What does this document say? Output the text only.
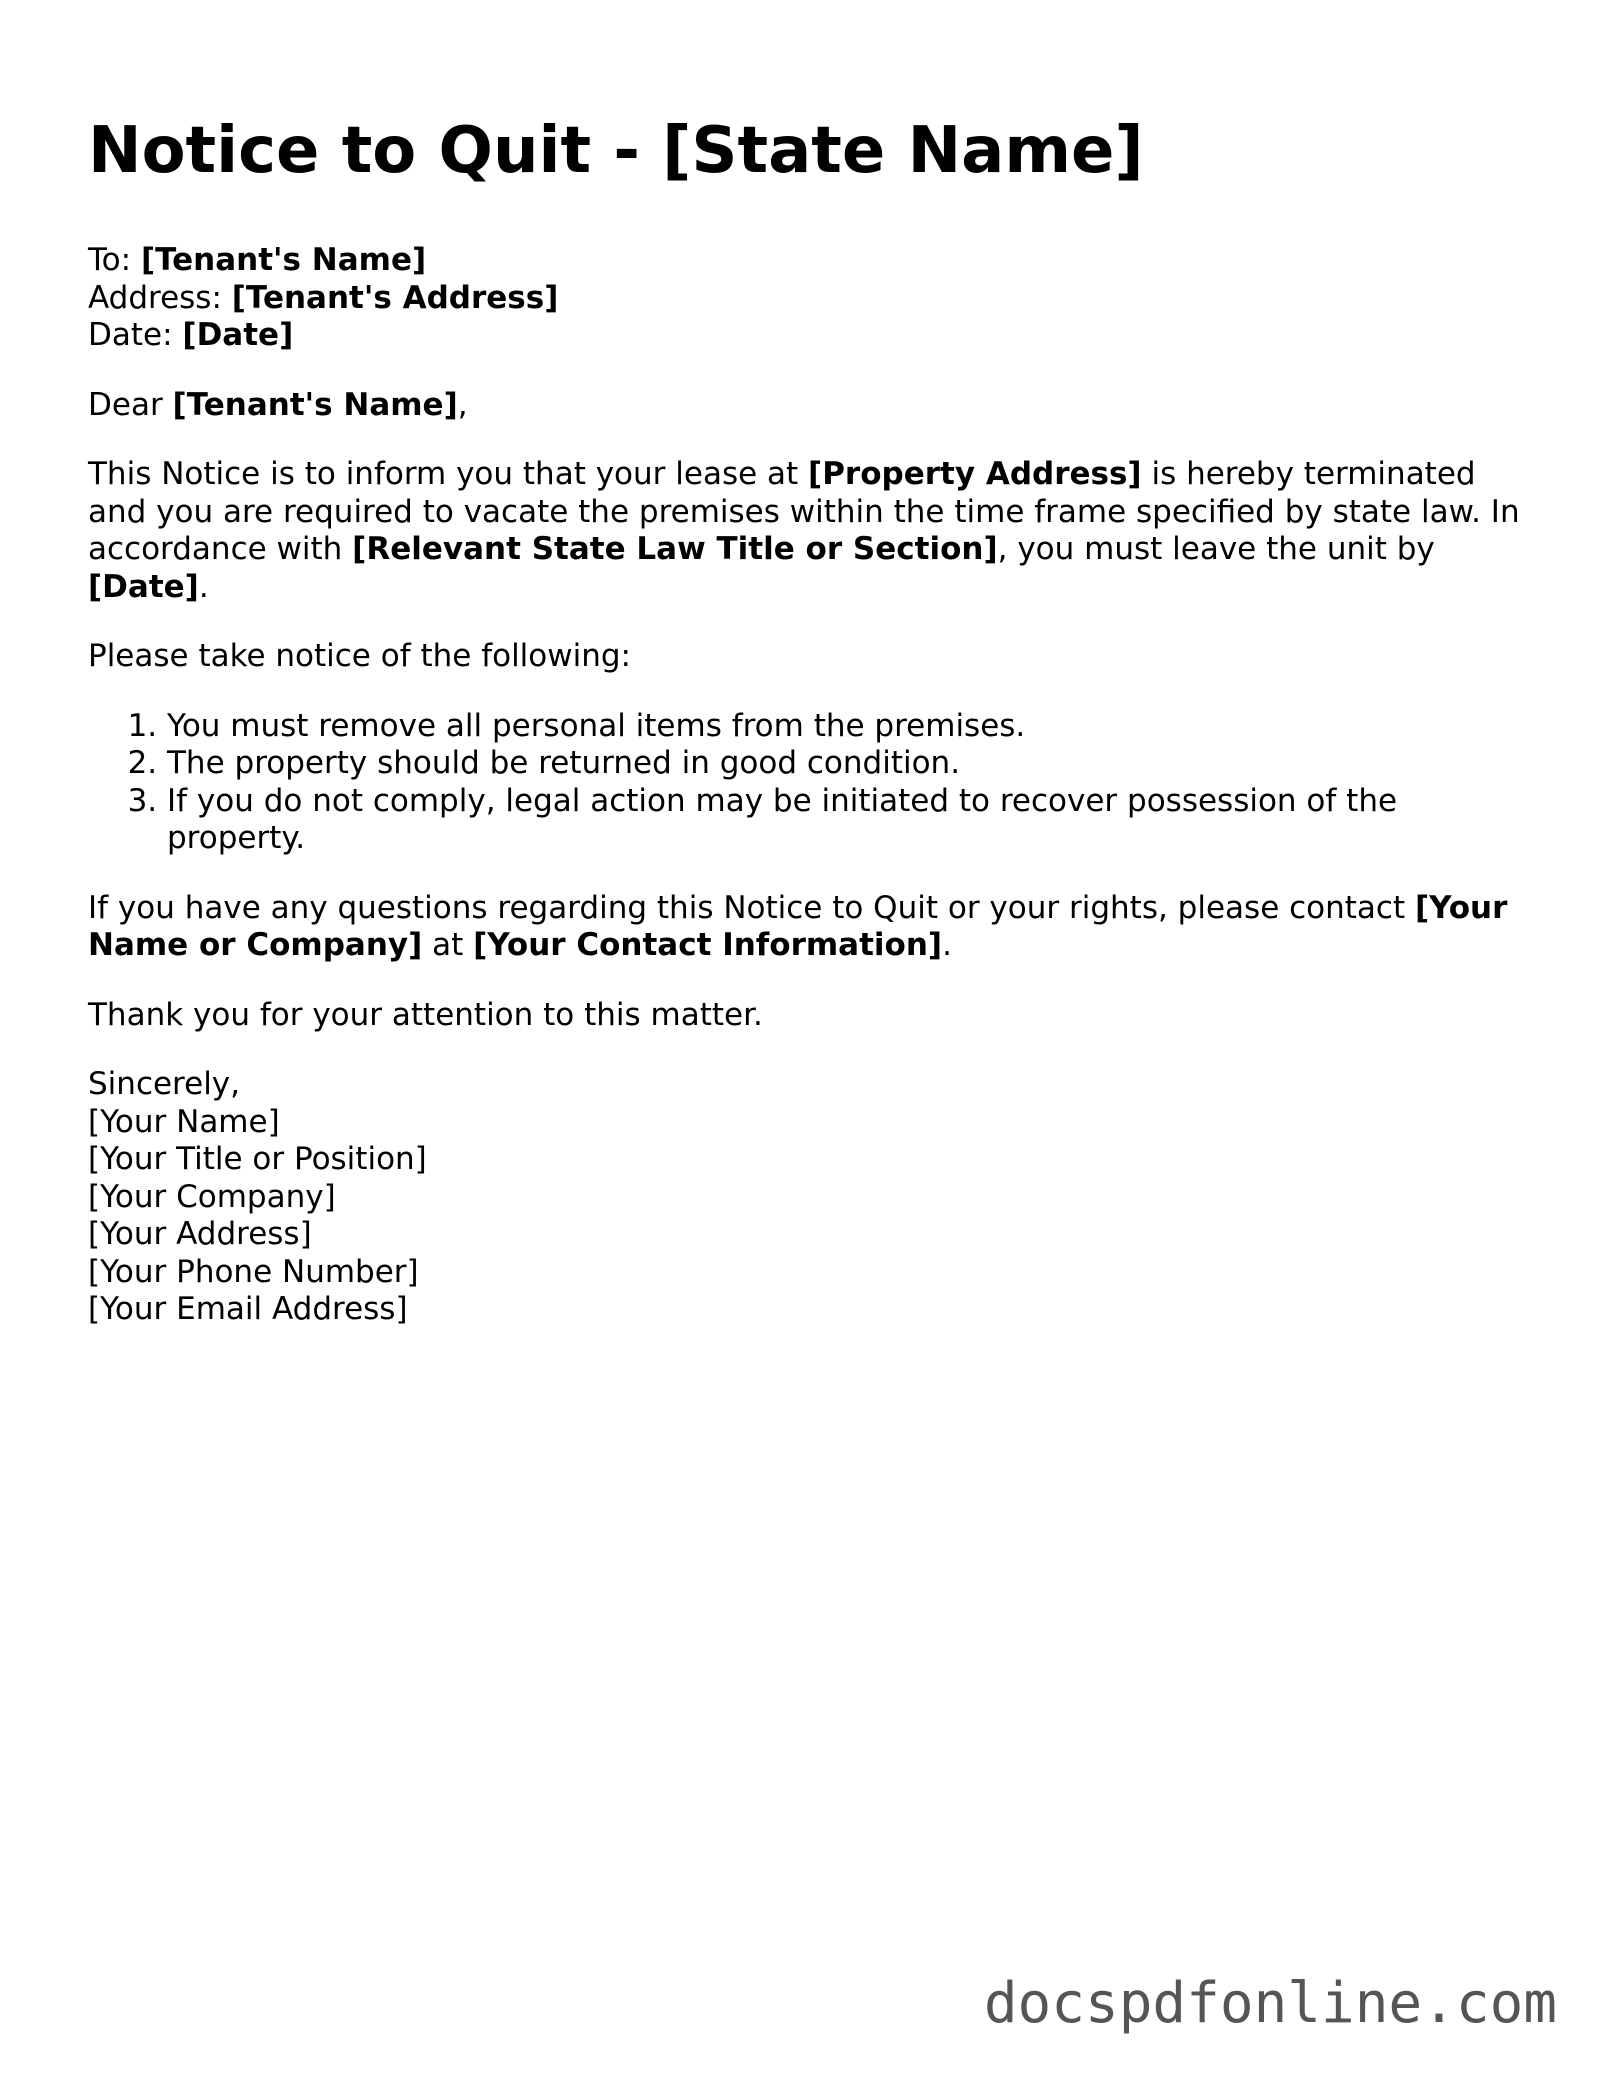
Notice to Quit - [State Name]
To: [Tenant's Name]
Address: [Tenant's Address]
Date: [Date]

Dear [Tenant's Name],

This Notice is to inform you that your lease at [Property Address] is hereby terminated and you are required to vacate the premises within the time frame specified by state law. In accordance with [Relevant State Law Title or Section], you must leave the unit by [Date].

Please take notice of the following:

1. You must remove all personal items from the premises.
2. The property should be returned in good condition.
3. If you do not comply, legal action may be initiated to recover possession of the property.

If you have any questions regarding this Notice to Quit or your rights, please contact [Your Name or Company] at [Your Contact Information].

Thank you for your attention to this matter.

Sincerely,
[Your Name]
[Your Title or Position]
[Your Company]
[Your Address]
[Your Phone Number]
[Your Email Address]
docspdfonline.com
